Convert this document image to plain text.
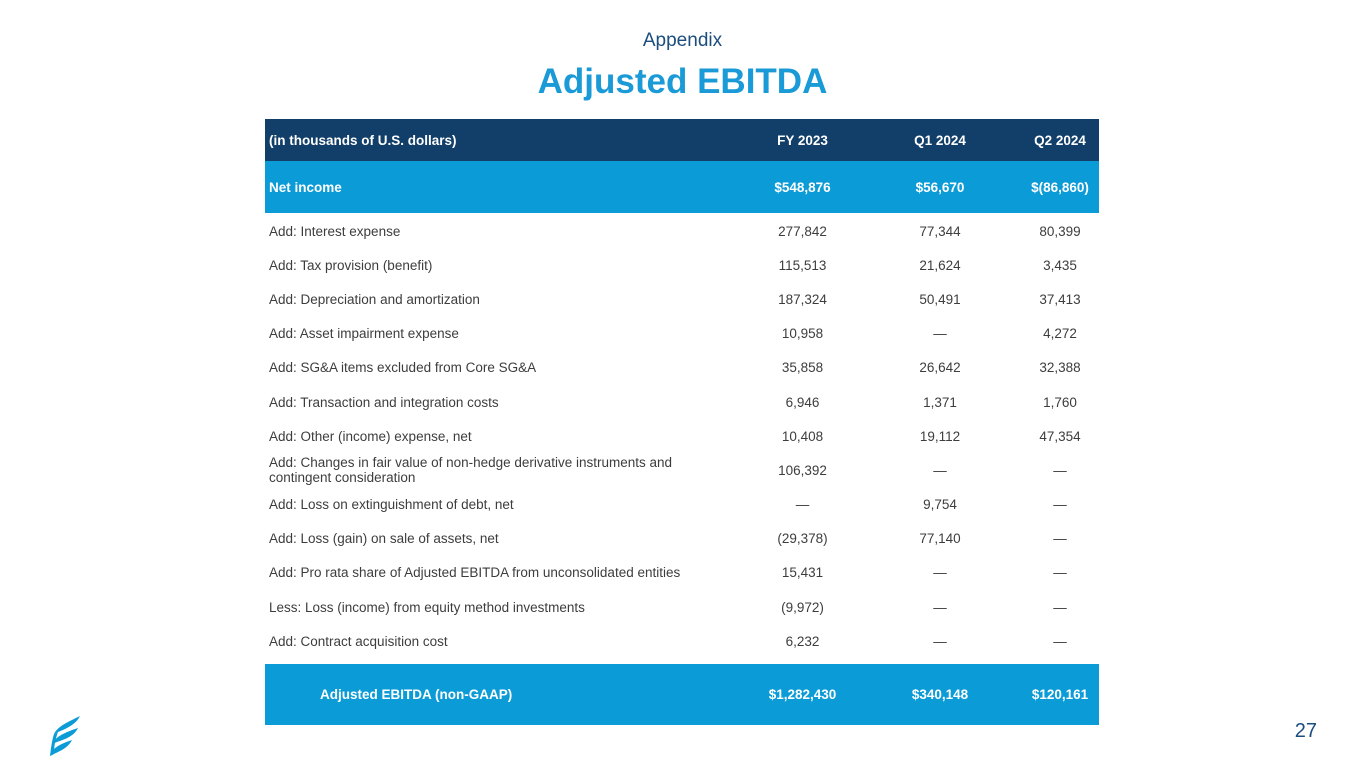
Appendix
Adjusted EBITDA
(in thousands of U.S. dollars)	FY 2023	Q1 2024	Q2 2024
Net income	$548,876	$56,670	$(86,860)
Add: Interest expense	277,842	77,344	80,399
Add: Tax provision (benefit)	115,513	21,624	3,435
Add: Depreciation and amortization	187,324	50,491	37,413
Add: Asset impairment expense	10,958	—	4,272
Add: SG&A items excluded from Core SG&A	35,858	26,642	32,388
Add: Transaction and integration costs	6,946	1,371	1,760
Add: Other (income) expense, net	10,408	19,112	47,354
Add: Changes in fair value of non-hedge derivative instruments and contingent consideration	106,392	—	—
Add: Loss on extinguishment of debt, net	—	9,754	—
Add: Loss (gain) on sale of assets, net	(29,378)	77,140	—
Add: Pro rata share of Adjusted EBITDA from unconsolidated entities	15,431	—	—
Less: Loss (income) from equity method investments	(9,972)	—	—
Add: Contract acquisition cost	6,232	—	—
Adjusted EBITDA (non-GAAP)	$1,282,430	$340,148	$120,161
27
